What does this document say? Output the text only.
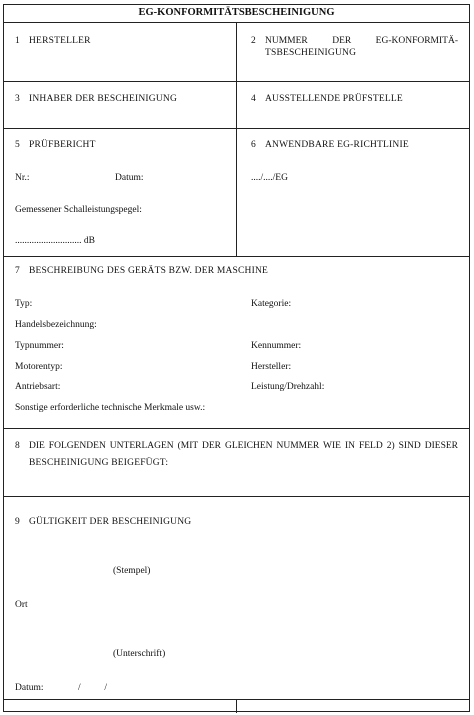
EG-KONFORMITÄTSBESCHEINIGUNG
1 HERSTELLER	2 NUMMER DER EG-KONFORMITÄ-
TSBESCHEINIGUNG
3 INHABER DER BESCHEINIGUNG	4 AUSSTELLENDE PRÜFSTELLE
5 PRÜFBERICHT
Nr.:	Datum:
Gemessener Schalleistungspegel:
............................ dB
6 ANWENDBARE EG-RICHTLINIE
..../..../EG
7 BESCHREIBUNG DES GERÄTS BZW. DER MASCHINE
Typ:	Kategorie:
Handelsbezeichnung:
Typnummer:	Kennummer:
Motorentyp:	Hersteller:
Antriebsart:	Leistung/Drehzahl:
Sonstige erforderliche technische Merkmale usw.:
8 DIE FOLGENDEN UNTERLAGEN (MIT DER GLEICHEN NUMMER WIE IN FELD 2) SIND DIESER
BESCHEINIGUNG BEIGEFÜGT:
9 GÜLTIGKEIT DER BESCHEINIGUNG
(Stempel)
Ort
(Unterschrift)
Datum:	/          /
